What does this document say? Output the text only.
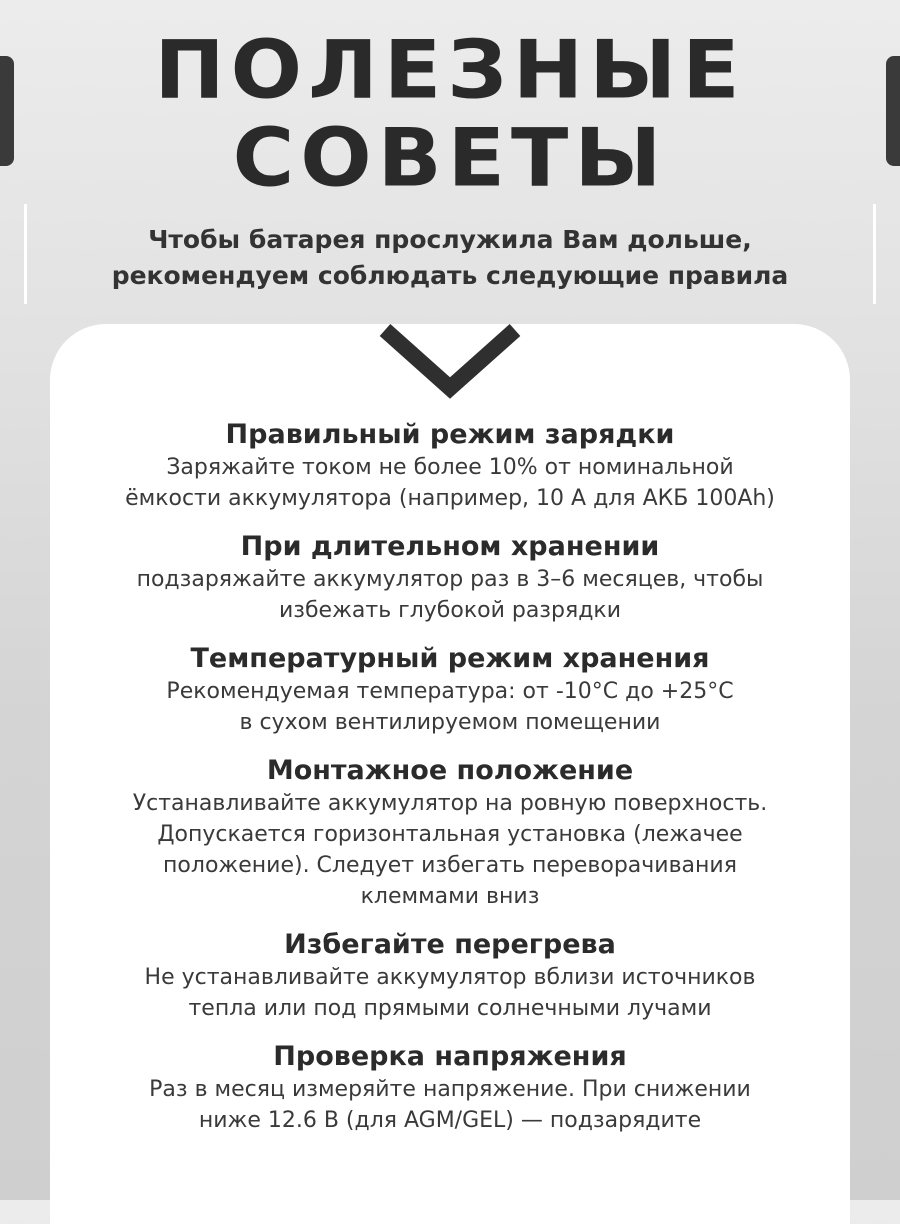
ПОЛЕЗНЫЕ
СОВЕТЫ
Чтобы батарея прослужила Вам дольше,
рекомендуем соблюдать следующие правила
Правильный режим зарядки
Заряжайте током не более 10% от номинальной
ёмкости аккумулятора (например, 10 А для АКБ 100Ah)
При длительном хранении
подзаряжайте аккумулятор раз в 3–6 месяцев, чтобы
избежать глубокой разрядки
Температурный режим хранения
Рекомендуемая температура: от -10°С до +25°С
в сухом вентилируемом помещении
Монтажное положение
Устанавливайте аккумулятор на ровную поверхность.
Допускается горизонтальная установка (лежачее
положение). Следует избегать переворачивания
клеммами вниз
Избегайте перегрева
Не устанавливайте аккумулятор вблизи источников
тепла или под прямыми солнечными лучами
Проверка напряжения
Раз в месяц измеряйте напряжение. При снижении
ниже 12.6 В (для AGM/GEL) — подзарядите
